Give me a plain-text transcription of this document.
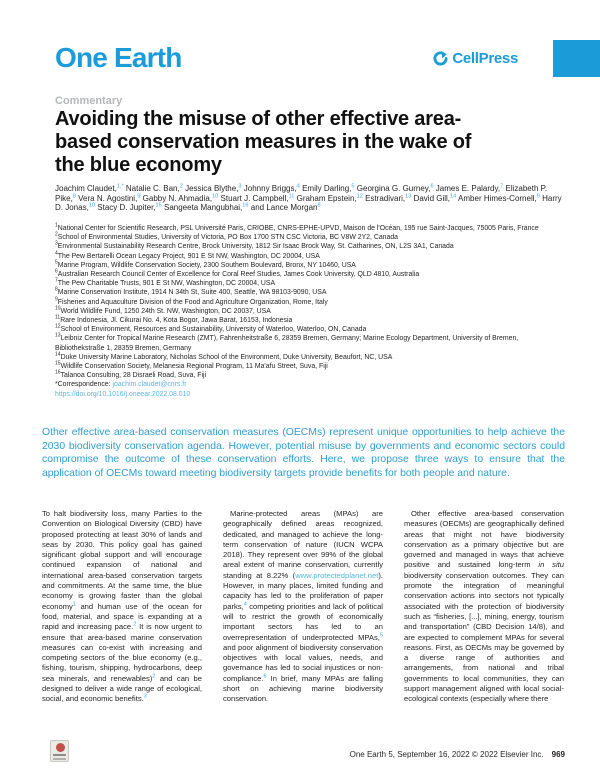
One Earth	CellPress
Commentary
Avoiding the misuse of other effective area-based conservation measures in the wake of the blue economy
Joachim Claudet,$^{1,*}$ Natalie C. Ban,$^2$ Jessica Blythe,$^3$ Johnny Briggs,$^4$ Emily Darling,$^5$ Georgina G. Gurney,$^6$ James E. Palardy,$^7$ Elizabeth P. Pike,$^8$ Vera N. Agostini,$^9$ Gabby N. Ahmadia,$^{10}$ Stuart J. Campbell,$^{11}$ Graham Epstein,$^{12}$ Estradivari,$^{13}$ David Gill,$^{14}$ Amber Himes-Cornell,$^9$ Harry D. Jonas,$^{10}$ Stacy D. Jupiter,$^{15}$ Sangeeta Mangubhai,$^{16}$ and Lance Morgan$^8$
$^1$National Center for Scientific Research, PSL Université Paris, CRIOBE, CNRS-EPHE-UPVD, Maison de l'Océan, 195 rue Saint-Jacques, 75005 Paris, France
$^2$School of Environmental Studies, University of Victoria, PO Box 1700 STN CSC Victoria, BC V8W 2Y2, Canada
$^3$Environmental Sustainability Research Centre, Brock University, 1812 Sir Isaac Brock Way, St. Catharines, ON, L2S 3A1, Canada
$^4$The Pew Bertarelli Ocean Legacy Project, 901 E St NW, Washington, DC 20004, USA
$^5$Marine Program, Wildlife Conservation Society, 2300 Southern Boulevard, Bronx, NY 10460, USA
$^6$Australian Research Council Center of Excellence for Coral Reef Studies, James Cook University, QLD 4810, Australia
$^7$The Pew Charitable Trusts, 901 E St NW, Washington, DC 20004, USA
$^8$Marine Conservation Institute, 1914 N 34th St, Suite 400, Seattle, WA 98103-9090, USA
$^9$Fisheries and Aquaculture Division of the Food and Agriculture Organization, Rome, Italy
$^{10}$World Wildlife Fund, 1250 24th St. NW, Washington, DC 20037, USA
$^{11}$Rare Indonesia, Jl. Cikurai No. 4, Kota Bogor, Jawa Barat, 16153, Indonesia
$^{12}$School of Environment, Resources and Sustainability, University of Waterloo, Waterloo, ON, Canada
$^{13}$Leibniz Center for Tropical Marine Research (ZMT), Fahrenheitstraße 6, 28359 Bremen, Germany; Marine Ecology Department, University of Bremen, Bibliothekstraße 1, 28359 Bremen, Germany
$^{14}$Duke University Marine Laboratory, Nicholas School of the Environment, Duke University, Beaufort, NC, USA
$^{15}$Wildlife Conservation Society, Melanesia Regional Program, 11 Ma'afu Street, Suva, Fiji
$^{16}$Talanoa Consulting, 28 Disraeli Road, Suva, Fiji
*Correspondence: joachim.claudet@cnrs.fr
https://doi.org/10.1016/j.oneear.2022.08.010
Other effective area-based conservation measures (OECMs) represent unique opportunities to help achieve the 2030 biodiversity conservation agenda. However, potential misuse by governments and economic sectors could compromise the outcome of these conservation efforts. Here, we propose three ways to ensure that the application of OECMs toward meeting biodiversity targets provide benefits for both people and nature.

To halt biodiversity loss, many Parties to the Convention on Biological Diversity (CBD) have proposed protecting at least 30% of lands and seas by 2030. This policy goal has gained significant global support and will encourage continued expansion of national and international area-based conservation targets and commitments. At the same time, the blue economy is growing faster than the global economy$^1$ and human use of the ocean for food, material, and space is expanding at a rapid and increasing pace.$^2$ It is now urgent to ensure that area-based marine conservation measures can co-exist with increasing and competing sectors of the blue economy (e.g., fishing, tourism, shipping, hydrocarbons, deep sea minerals, and renewables)$^2$ and can be designed to deliver a wide range of ecological, social, and economic benefits.$^3$

Marine-protected areas (MPAs) are geographically defined areas recognized, dedicated, and managed to achieve the long-term conservation of nature (IUCN WCPA 2018). They represent over 99% of the global areal extent of marine conservation, currently standing at 8.22% (www.protectedplanet.net). However, in many places, limited funding and capacity has led to the proliferation of paper parks,$^4$ competing priorities and lack of political will to restrict the growth of economically important sectors has led to an overrepresentation of underprotected MPAs,$^5$ and poor alignment of biodiversity conservation objectives with local values, needs, and governance has led to social injustices or non-compliance.$^6$ In brief, many MPAs are falling short on achieving marine biodiversity conservation.

Other effective area-based conservation measures (OECMs) are geographically defined areas that might not have biodiversity conservation as a primary objective but are governed and managed in ways that achieve positive and sustained long-term in situ biodiversity conservation outcomes. They can promote the integration of meaningful conservation actions into sectors not typically associated with the protection of biodiversity such as “fisheries, [...], mining, energy, tourism and transportation” (CBD Decision 14/8), and are expected to complement MPAs for several reasons. First, as OECMs may be governed by a diverse range of authorities and arrangements, from national and tribal governments to local communities, they can support management aligned with local social-ecological contexts (especially where there

One Earth 5, September 16, 2022 © 2022 Elsevier Inc. 969
